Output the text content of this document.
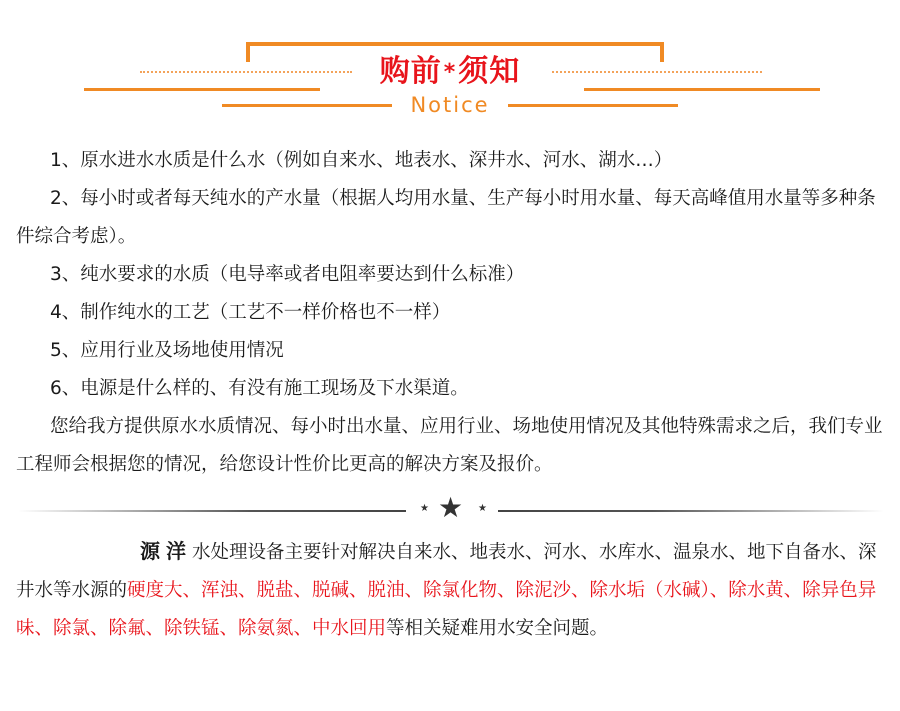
购前*须知
Notice

1、原水进水水质是什么水（例如自来水、地表水、深井水、河水、湖水…）

2、每小时或者每天纯水的产水量（根据人均用水量、生产每小时用水量、每天高峰值用水量等多种条件综合考虑）。

3、纯水要求的水质（电导率或者电阻率要达到什么标准）

4、制作纯水的工艺（工艺不一样价格也不一样）

5、应用行业及场地使用情况

6、电源是什么样的、有没有施工现场及下水渠道。

您给我方提供原水水质情况、每小时出水量、应用行业、场地使用情况及其他特殊需求之后，我们专业工程师会根据您的情况，给您设计性价比更高的解决方案及报价。

★ ★ ★
源洋水处理设备主要针对解决自来水、地表水、河水、水库水、温泉水、地下自备水、深井水等水源的硬度大、浑浊、脱盐、脱碱、脱油、除氯化物、除泥沙、除水垢（水碱）、除水黄、除异色异味、除氯、除氟、除铁锰、除氨氮、中水回用等相关疑难用水安全问题。
